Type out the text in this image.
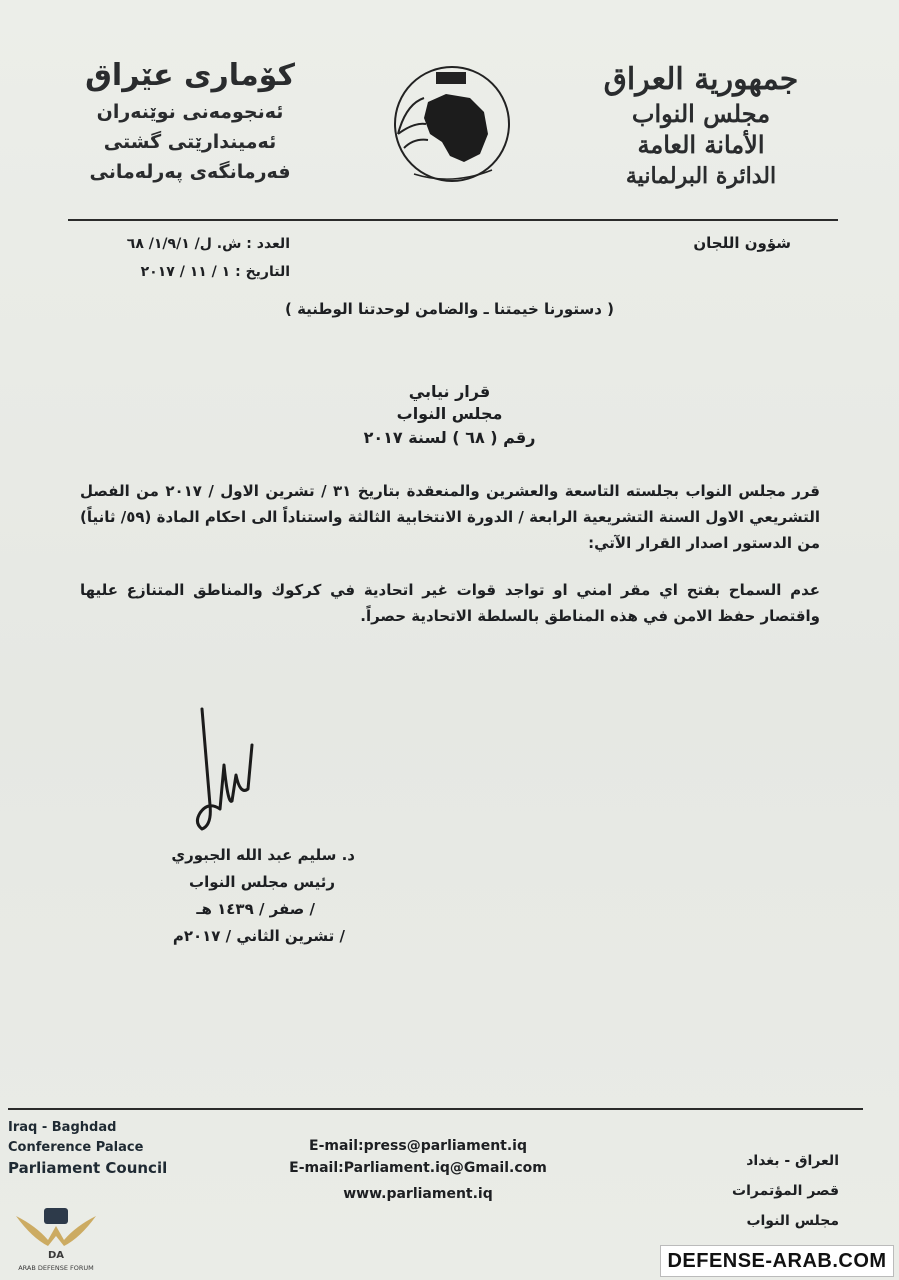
جمهورية العراق
مجلس النواب
الأمانة العامة
الدائرة البرلمانية
كۆماری عێراق
ئه‌نجومه‌نی نوێنه‌ران
ئه‌میندارێتی گشتی
فه‌رمانگه‌ی په‌رله‌مانی
شؤون اللجان
العدد : ش. ل/ ١/٩/١/ ٦٨
التاريخ : ١ / ١١ / ٢٠١٧
( دستورنا خيمتنا ـ والضامن لوحدتنا الوطنية )
قرار نيابي
مجلس النواب
رقم ( ٦٨ ) لسنة ٢٠١٧
قرر مجلس النواب بجلسته التاسعة والعشرين والمنعقدة بتاريخ ٣١ / تشرين الاول / ٢٠١٧ من الفصل التشريعي الاول السنة التشريعية الرابعة / الدورة الانتخابية الثالثة واستناداً الى احكام المادة (٥٩/ ثانياً) من الدستور اصدار القرار الآتي:
عدم السماح بفتح اي مقر امني او تواجد قوات غير اتحادية في كركوك والمناطق المتنازع عليها واقتصار حفظ الامن في هذه المناطق بالسلطة الاتحادية حصراً.
د. سليم عبد الله الجبوري
رئيس مجلس النواب
/ صفر / ١٤٣٩ هـ
/ تشرين الثاني / ٢٠١٧م
Iraq - Baghdad
Conference Palace
Parliament Council
E-mail:press@parliament.iq
E-mail:Parliament.iq@Gmail.com
www.parliament.iq
العراق - بغداد
قصر المؤتمرات
مجلس النواب
DA
ARAB DEFENSE FORUM	DEFENSE-ARAB.COM
